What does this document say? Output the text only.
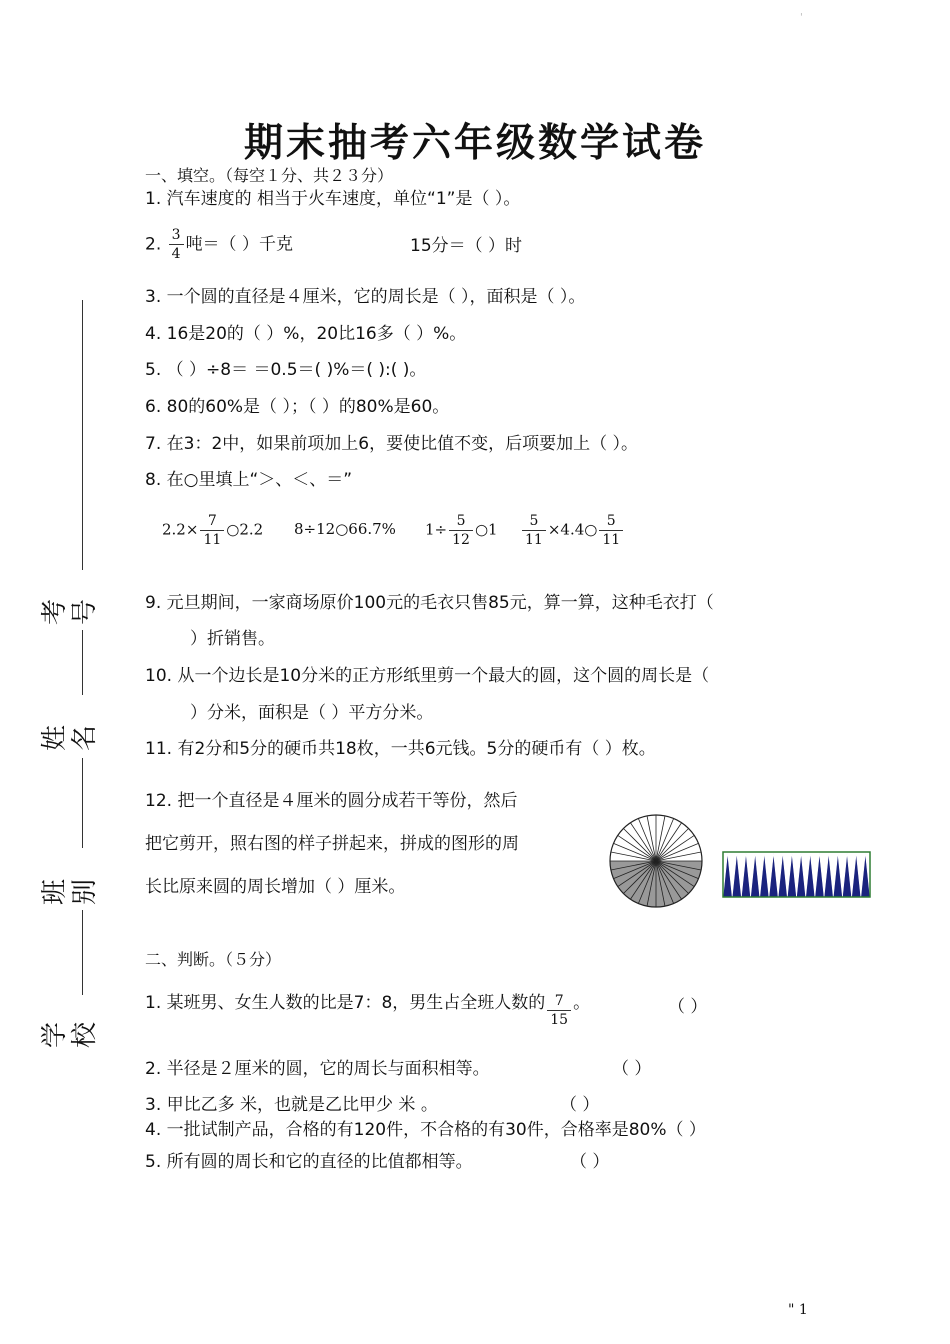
'
期末抽考六年级数学试卷
考号
姓名
班别
学校
一、填空。（每空１分、共２３分）
1. 汽车速度的 相当于火车速度，单位“1”是（ ）。
2. $\frac{3}{4}$ 吨＝（ ）千克	15分＝（ ）时
3. 一个圆的直径是４厘米，它的周长是（ ），面积是（ ）。
4. 16是20的（ ）%，20比16多（ ）%。
5. （ ）÷8＝ ＝0.5＝( )%＝( ):( )。
6. 80的60%是（ ）；（ ）的80%是60。
7. 在3：2中，如果前项加上6，要使比值不变，后项要加上（ ）。
8. 在○里填上“＞、＜、＝”
$2.2\times \frac{7}{11}$ ○2.2 8÷12○66.7% $1\div \frac{5}{12}$ ○1 $\frac{5}{11}$ ×4.4○ $\frac{5}{11}$
9. 元旦期间，一家商场原价100元的毛衣只售85元，算一算，这种毛衣打（
）折销售。
10. 从一个边长是10分米的正方形纸里剪一个最大的圆，这个圆的周长是（
）分米，面积是（ ）平方分米。
11. 有2分和5分的硬币共18枚，一共6元钱。5分的硬币有（ ）枚。
12. 把一个直径是４厘米的圆分成若干等份，然后
把它剪开，照右图的样子拼起来，拼成的图形的周
长比原来圆的周长增加（ ）厘米。
二、判断。（５分）
1. 某班男、女生人数的比是7：8，男生占全班人数的 $\frac{7}{15}$ 。	（ ）
2. 半径是２厘米的圆，它的周长与面积相等。	（ ）
3. 甲比乙多 米，也就是乙比甲少 米 。	（ ）
4. 一批试制产品，合格的有120件，不合格的有30件，合格率是80%（ ）
5. 所有圆的周长和它的直径的比值都相等。	（ ）
" 1
